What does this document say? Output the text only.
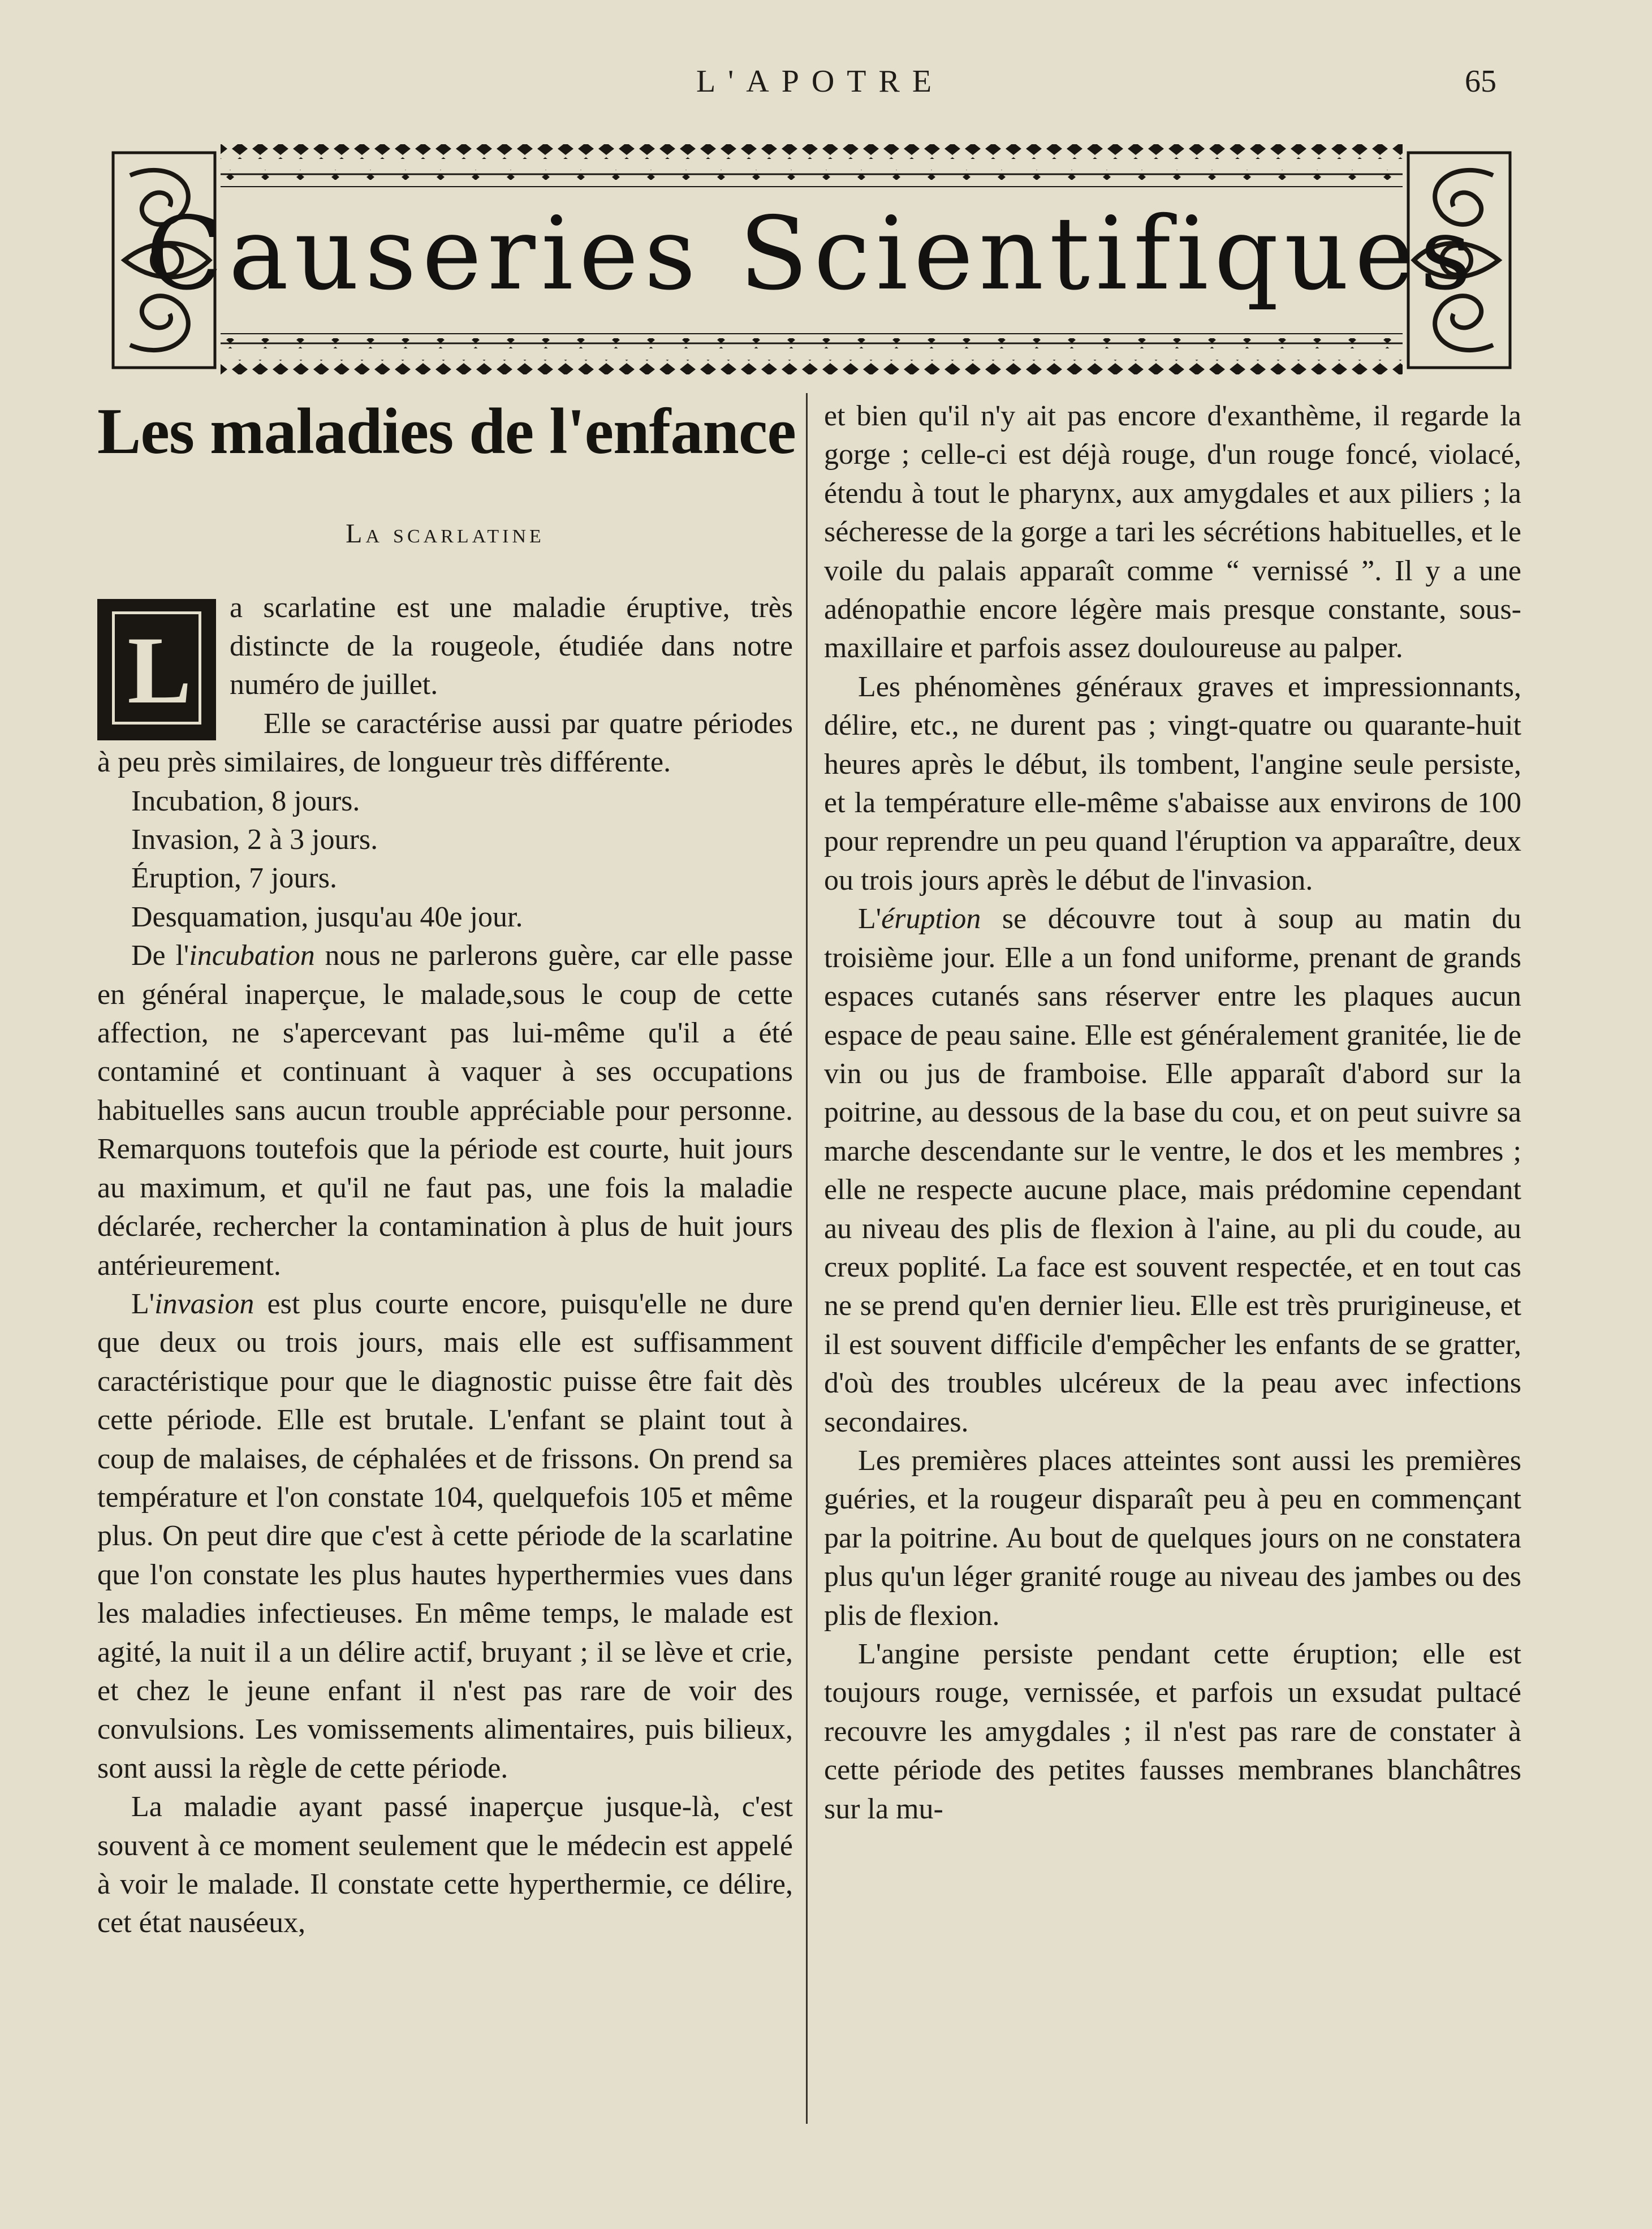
L'APOTRE	65
Causeries Scientifiques
Les maladies de l'enfance
La scarlatine
L

a scarlatine est une maladie éruptive, très distincte de la rougeole, étudiée dans notre numéro de juillet.

Elle se caractérise aussi par quatre périodes à peu près similaires, de longueur très différente.

Incubation, 8 jours.

Invasion, 2 à 3 jours.

Éruption, 7 jours.

Desquamation, jusqu'au 40e jour.

De l'incubation nous ne parlerons guère, car elle passe en général inaperçue, le malade,sous le coup de cette affection, ne s'apercevant pas lui-même qu'il a été contaminé et continuant à vaquer à ses occupations habituelles sans aucun trouble appréciable pour personne. Remarquons toutefois que la période est courte, huit jours au maximum, et qu'il ne faut pas, une fois la maladie déclarée, rechercher la contamination à plus de huit jours antérieurement.

L'invasion est plus courte encore, puisqu'elle ne dure que deux ou trois jours, mais elle est suffisamment caractéristique pour que le diagnostic puisse être fait dès cette période. Elle est brutale. L'enfant se plaint tout à coup de malaises, de céphalées et de frissons. On prend sa température et l'on constate 104, quelquefois 105 et même plus. On peut dire que c'est à cette période de la scarlatine que l'on constate les plus hautes hyperthermies vues dans les maladies infectieuses. En même temps, le malade est agité, la nuit il a un délire actif, bruyant ; il se lève et crie, et chez le jeune enfant il n'est pas rare de voir des convulsions. Les vomissements alimentaires, puis bilieux, sont aussi la règle de cette période.

La maladie ayant passé inaperçue jusque-là, c'est souvent à ce moment seulement que le médecin est appelé à voir le malade. Il constate cette hyperthermie, ce délire, cet état nauséeux,

et bien qu'il n'y ait pas encore d'exanthème, il regarde la gorge ; celle-ci est déjà rouge, d'un rouge foncé, violacé, étendu à tout le pharynx, aux amygdales et aux piliers ; la sécheresse de la gorge a tari les sécrétions habituelles, et le voile du palais apparaît comme “ vernissé ”. Il y a une adénopathie encore légère mais presque constante, sous-maxillaire et parfois assez douloureuse au palper.

Les phénomènes généraux graves et impressionnants, délire, etc., ne durent pas ; vingt-quatre ou quarante-huit heures après le début, ils tombent, l'angine seule persiste, et la température elle-même s'abaisse aux environs de 100 pour reprendre un peu quand l'éruption va apparaître, deux ou trois jours après le début de l'invasion.

L'éruption se découvre tout à soup au matin du troisième jour. Elle a un fond uniforme, prenant de grands espaces cutanés sans réserver entre les plaques aucun espace de peau saine. Elle est généralement granitée, lie de vin ou jus de framboise. Elle apparaît d'abord sur la poitrine, au dessous de la base du cou, et on peut suivre sa marche descendante sur le ventre, le dos et les membres ; elle ne respecte aucune place, mais prédomine cependant au niveau des plis de flexion à l'aine, au pli du coude, au creux poplité. La face est souvent respectée, et en tout cas ne se prend qu'en dernier lieu. Elle est très prurigineuse, et il est souvent difficile d'empêcher les enfants de se gratter, d'où des troubles ulcéreux de la peau avec infections secondaires.

Les premières places atteintes sont aussi les premières guéries, et la rougeur disparaît peu à peu en commençant par la poitrine. Au bout de quelques jours on ne constatera plus qu'un léger granité rouge au niveau des jambes ou des plis de flexion.

L'angine persiste pendant cette éruption; elle est toujours rouge, vernissée, et parfois un exsudat pultacé recouvre les amygdales ; il n'est pas rare de constater à cette période des petites fausses membranes blanchâtres sur la mu-
